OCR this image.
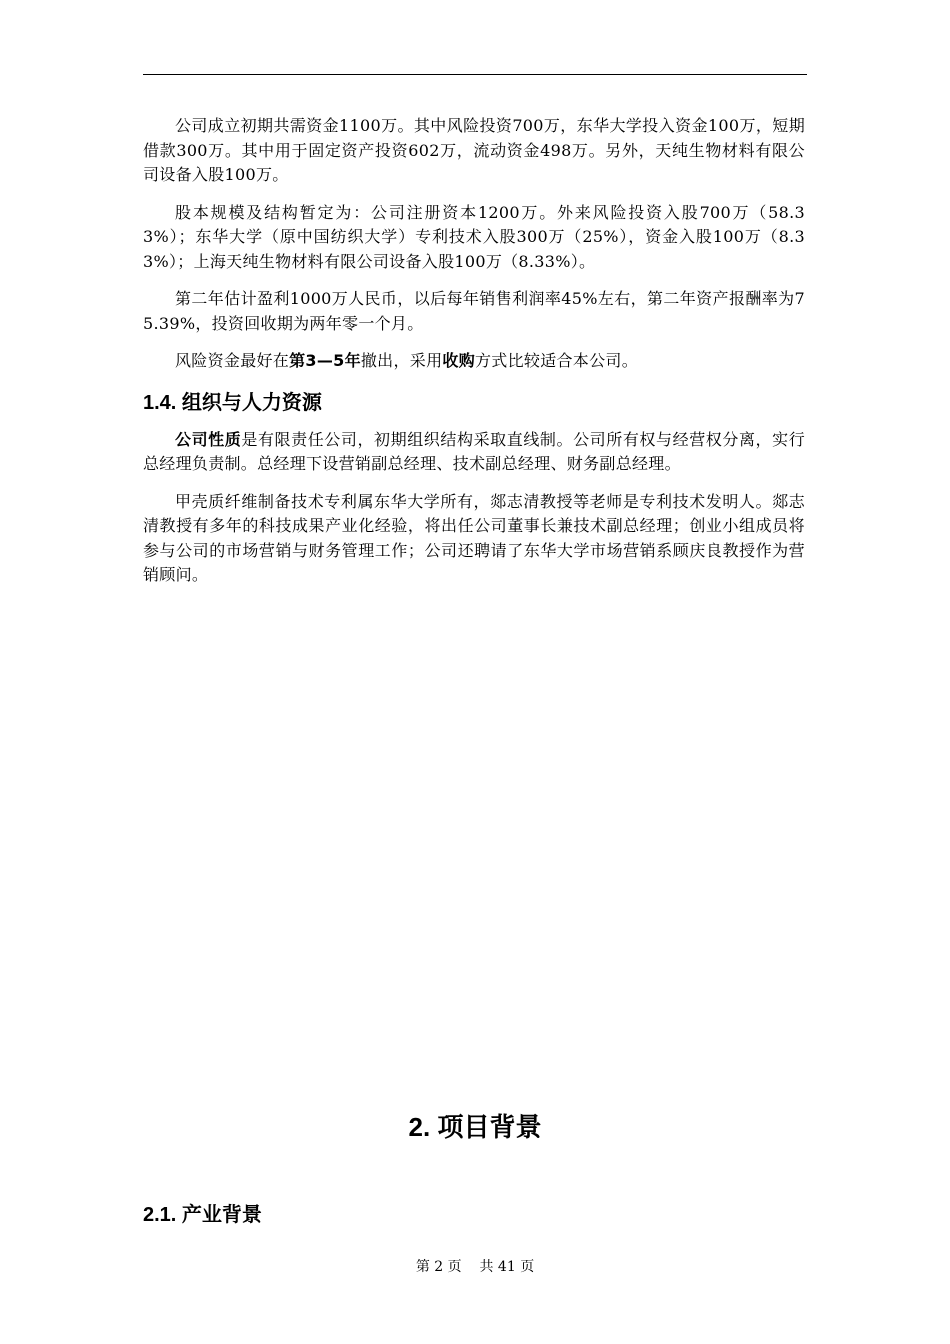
公司成立初期共需资金1100万。其中风险投资700万，东华大学投入资金100万，短期借款300万。其中用于固定资产投资602万，流动资金498万。另外，天纯生物材料有限公司设备入股100万。

股本规模及结构暂定为：公司注册资本1200万。外来风险投资入股700万（58.33%）；东华大学（原中国纺织大学）专利技术入股300万（25%），资金入股100万（8.33%）；上海天纯生物材料有限公司设备入股100万（8.33%）。

第二年估计盈利1000万人民币，以后每年销售利润率45%左右，第二年资产报酬率为75.39%，投资回收期为两年零一个月。

风险资金最好在第3—5年撤出，采用收购方式比较适合本公司。

1.4. 组织与人力资源

公司性质是有限责任公司，初期组织结构采取直线制。公司所有权与经营权分离，实行总经理负责制。总经理下设营销副总经理、技术副总经理、财务副总经理。

甲壳质纤维制备技术专利属东华大学所有，郯志清教授等老师是专利技术发明人。郯志清教授有多年的科技成果产业化经验，将出任公司董事长兼技术副总经理；创业小组成员将参与公司的市场营销与财务管理工作；公司还聘请了东华大学市场营销系顾庆良教授作为营销顾问。

2. 项目背景
2.1. 产业背景
第 2 页 共 41 页
